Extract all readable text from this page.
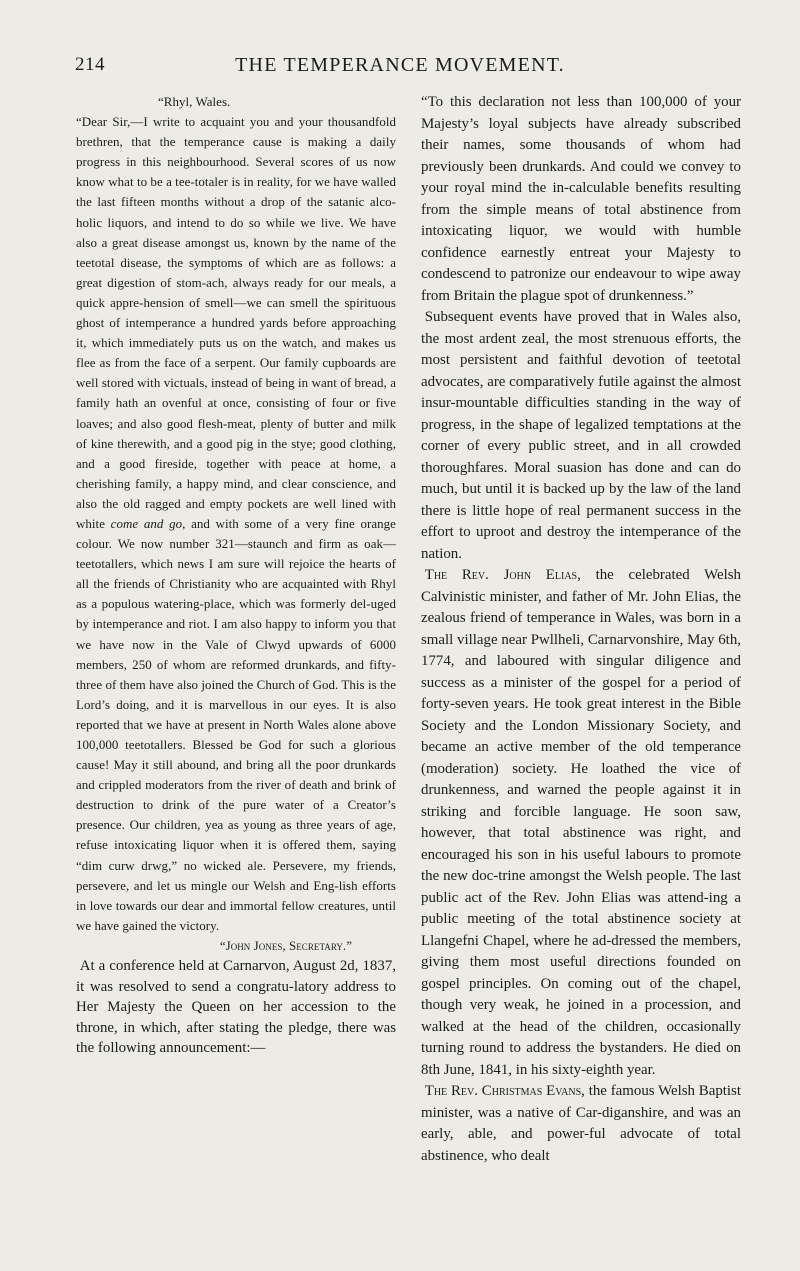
214	THE TEMPERANCE MOVEMENT.

“Rhyl, Wales.

“Dear Sir,—I write to acquaint you and your thousandfold brethren, that the temperance cause is making a daily progress in this neighbourhood. Several scores of us now know what to be a tee-totaler is in reality, for we have walled the last fifteen months without a drop of the satanic alco-holic liquors, and intend to do so while we live. We have also a great disease amongst us, known by the name of the teetotal disease, the symptoms of which are as follows: a great digestion of stom-ach, always ready for our meals, a quick appre-hension of smell—we can smell the spirituous ghost of intemperance a hundred yards before approaching it, which immediately puts us on the watch, and makes us flee as from the face of a serpent. Our family cupboards are well stored with victuals, instead of being in want of bread, a family hath an ovenful at once, consisting of four or five loaves; and also good flesh-meat, plenty of butter and milk of kine therewith, and a good pig in the stye; good clothing, and a good fireside, together with peace at home, a cherishing family, a happy mind, and clear conscience, and also the old ragged and empty pockets are well lined with white come and go, and with some of a very fine orange colour. We now number 321—staunch and firm as oak—teetotallers, which news I am sure will rejoice the hearts of all the friends of Christianity who are acquainted with Rhyl as a populous watering-place, which was formerly del-uged by intemperance and riot. I am also happy to inform you that we have now in the Vale of Clwyd upwards of 6000 members, 250 of whom are reformed drunkards, and fifty-three of them have also joined the Church of God. This is the Lord’s doing, and it is marvellous in our eyes. It is also reported that we have at present in North Wales alone above 100,000 teetotallers. Blessed be God for such a glorious cause! May it still abound, and bring all the poor drunkards and crippled moderators from the river of death and brink of destruction to drink of the pure water of a Creator’s presence. Our children, yea as young as three years of age, refuse intoxicating liquor when it is offered them, saying “dim curw drwg,” no wicked ale. Persevere, my friends, persevere, and let us mingle our Welsh and Eng-lish efforts in love towards our dear and immortal fellow creatures, until we have gained the victory.

“John Jones, Secretary.”

At a conference held at Carnarvon, August 2d, 1837, it was resolved to send a congratu-latory address to Her Majesty the Queen on her accession to the throne, in which, after stating the pledge, there was the following announcement:—

“To this declaration not less than 100,000 of your Majesty’s loyal subjects have already subscribed their names, some thousands of whom had previously been drunkards. And could we convey to your royal mind the in-calculable benefits resulting from the simple means of total abstinence from intoxicating liquor, we would with humble confidence earnestly entreat your Majesty to condescend to patronize our endeavour to wipe away from Britain the plague spot of drunkenness.”

Subsequent events have proved that in Wales also, the most ardent zeal, the most strenuous efforts, the most persistent and faithful devotion of teetotal advocates, are comparatively futile against the almost insur-mountable difficulties standing in the way of progress, in the shape of legalized temptations at the corner of every public street, and in all crowded thoroughfares. Moral suasion has done and can do much, but until it is backed up by the law of the land there is little hope of real permanent success in the effort to uproot and destroy the intemperance of the nation.

The Rev. John Elias, the celebrated Welsh Calvinistic minister, and father of Mr. John Elias, the zealous friend of temperance in Wales, was born in a small village near Pwllheli, Carnarvonshire, May 6th, 1774, and laboured with singular diligence and success as a minister of the gospel for a period of forty-seven years. He took great interest in the Bible Society and the London Missionary Society, and became an active member of the old temperance (moderation) society. He loathed the vice of drunkenness, and warned the people against it in striking and forcible language. He soon saw, however, that total abstinence was right, and encouraged his son in his useful labours to promote the new doc-trine amongst the Welsh people. The last public act of the Rev. John Elias was attend-ing a public meeting of the total abstinence society at Llangefni Chapel, where he ad-dressed the members, giving them most useful directions founded on gospel principles. On coming out of the chapel, though very weak, he joined in a procession, and walked at the head of the children, occasionally turning round to address the bystanders. He died on 8th June, 1841, in his sixty-eighth year.

The Rev. Christmas Evans, the famous Welsh Baptist minister, was a native of Car-diganshire, and was an early, able, and power-ful advocate of total abstinence, who dealt
